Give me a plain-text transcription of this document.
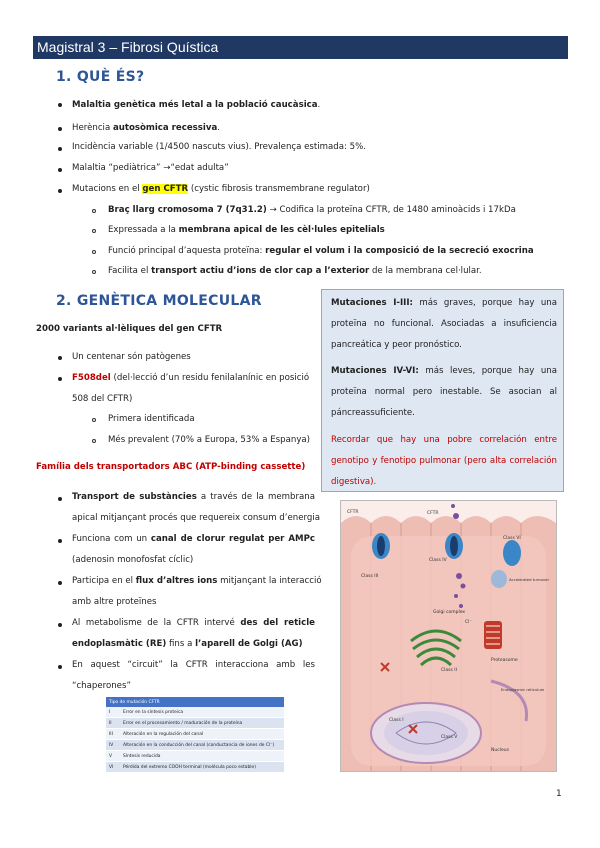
Magistral 3 – Fibrosi Quística
1. QUÈ ÉS?
Malaltia genètica més letal a la població caucàsica.
Herència autosòmica recessiva.
Incidència variable (1/4500 nascuts vius). Prevalença estimada: 5%.
Malaltia “pediàtrica” →“edat adulta”
Mutacions en el gen CFTR (cystic fibrosis transmembrane regulator)
Braç llarg cromosoma 7 (7q31.2) → Codifica la proteïna CFTR, de 1480 aminoàcids i 17kDa
Expressada a la membrana apical de les cèl·lules epitelials
Funció principal d’aquesta proteïna: regular el volum i la composició de la secreció exocrina
Facilita el transport actiu d’ions de clor cap a l’exterior de la membrana cel·lular.
2. GENÈTICA MOLECULAR
2000 variants al·lèliques del gen CFTR
Un centenar són patògenes
F508del (del·lecció d’un residu fenilalanínic en posició
508 del CFTR)
Primera identificada
Més prevalent (70% a Europa, 53% a Espanya)
Família dels transportadors ABC (ATP-binding cassette)
Transport de substàncies a través de la membrana
apical mitjançant procés que requereix consum d’energia
Funciona com un canal de clorur regulat per AMPc
(adenosin monofosfat cíclic)
Participa en el flux d’altres ions mitjançant la interacció
amb altre proteïnes
Al metabolisme de la CFTR intervé des del reticle
endoplasmàtic (RE) fins a l’aparell de Golgi (AG)
En aquest “circuit” la CFTR interacciona amb les
“chaperones”

Mutaciones I-III: más graves, porque hay una proteïna no funcional. Asociadas a insuficiencia pancreática y peor pronóstico.

Mutaciones IV-VI: más leves, porque hay una proteïna normal pero inestable. Se asocian al páncreassuficiente.

Recordar que hay una pobre correlación entre genotipo y fenotipo pulmonar (pero alta correlación digestiva).

CFTR	CFTR
Class III
Class IV
Class VI
Accelerated turnover
Golgi complex
Class II
Proteasome
Endoplasmic reticulum
Class I
Class V
Nucleus
Cl⁻
Tipo de mutación CFTR	
I	Error en la síntesis proteica
II	Error en el procesamiento / maduración de la proteína
III	Alteración en la regulación del canal
IV	Alteración en la conducción del canal (conductancia de iones de Cl⁻)
V	Síntesis reducida
VI	Pérdida del extremo COOH terminal (molécula poco estable)
1
